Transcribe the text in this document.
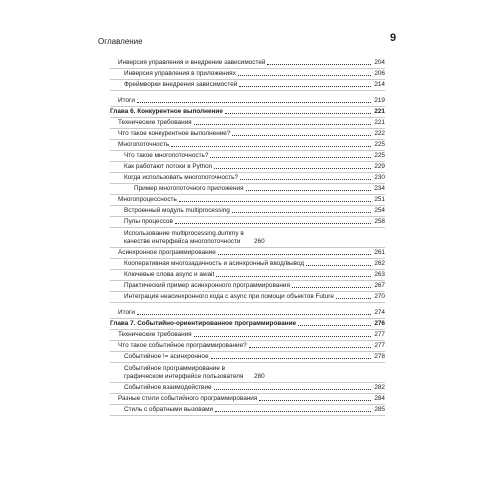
Оглавление	9
Инверсия управления и внедрение зависимостей	204
Инверсия управления в приложениях	206
Фреймворки внедрения зависимостей	214
Итоги	219
Глава 6. Конкурентное выполнение	221
Технические требования	221
Что такое конкурентное выполнение?	222
Многопоточность	225
Что такое многопоточность?	225
Как работают потоки в Python	229
Когда использовать многопоточность?	230
Пример многопоточного приложения	234
Многопроцессность	251
Встроенный модуль multiprocessing	254
Пулы процессов	258
Использование multiprocessing.dummy в качестве интерфейса многопоточности	260
Асинхронное программирование	261
Кооперативная многозадачность и асинхронный ввод/вывод	262
Ключевые слова async и await	263
Практический пример асинхронного программирования	267
Интеграция неасинхронного кода с async при помощи объектов Future	270
Итоги	274
Глава 7. Событийно-ориентированное программирование	276
Технические требования	277
Что такое событийное программирование?	277
Событийное != асинхронное	278
Событийное программирование в графическом интерфейсе пользователя	280
Событийное взаимодействие	282
Разные стили событийного программирования	284
Стиль с обратными вызовами	285
